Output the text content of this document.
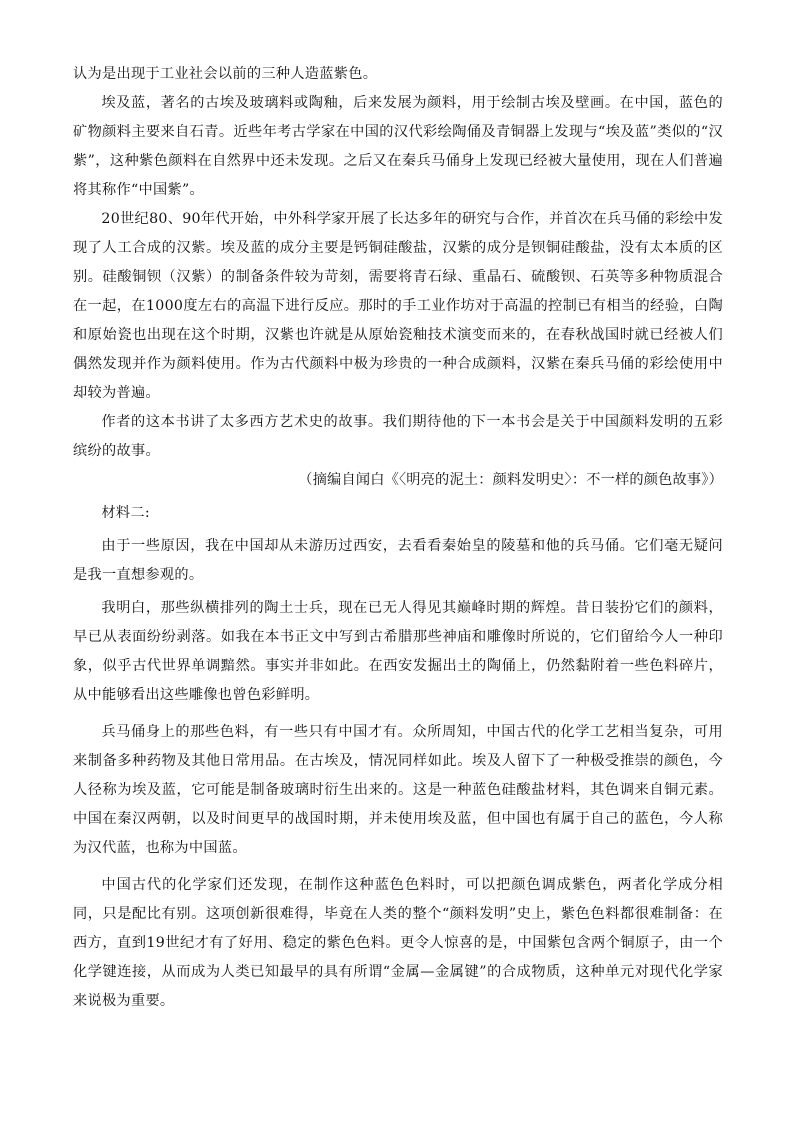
认为是出现于工业社会以前的三种人造蓝紫色。

埃及蓝，著名的古埃及玻璃料或陶釉，后来发展为颜料，用于绘制古埃及壁画。在中国，蓝色的矿物颜料主要来自石青。近些年考古学家在中国的汉代彩绘陶俑及青铜器上发现与“埃及蓝”类似的“汉紫”，这种紫色颜料在自然界中还未发现。之后又在秦兵马俑身上发现已经被大量使用，现在人们普遍将其称作“中国紫”。

20世纪80、90年代开始，中外科学家开展了长达多年的研究与合作，并首次在兵马俑的彩绘中发现了人工合成的汉紫。埃及蓝的成分主要是钙铜硅酸盐，汉紫的成分是钡铜硅酸盐，没有太本质的区别。硅酸铜钡（汉紫）的制备条件较为苛刻，需要将青石绿、重晶石、硫酸钡、石英等多种物质混合在一起，在1000度左右的高温下进行反应。那时的手工业作坊对于高温的控制已有相当的经验，白陶和原始瓷也出现在这个时期，汉紫也许就是从原始瓷釉技术演变而来的，在春秋战国时就已经被人们偶然发现并作为颜料使用。作为古代颜料中极为珍贵的一种合成颜料，汉紫在秦兵马俑的彩绘使用中却较为普遍。

作者的这本书讲了太多西方艺术史的故事。我们期待他的下一本书会是关于中国颜料发明的五彩缤纷的故事。

（摘编自闻白《〈明亮的泥土：颜料发明史〉：不一样的颜色故事》）

材料二:

由于一些原因，我在中国却从未游历过西安，去看看秦始皇的陵墓和他的兵马俑。它们毫无疑问是我一直想参观的。

我明白，那些纵横排列的陶土士兵，现在已无人得见其巅峰时期的辉煌。昔日装扮它们的颜料，早已从表面纷纷剥落。如我在本书正文中写到古希腊那些神庙和雕像时所说的，它们留给今人一种印象，似乎古代世界单调黯然。事实并非如此。在西安发掘出土的陶俑上，仍然黏附着一些色料碎片，从中能够看出这些雕像也曾色彩鲜明。

兵马俑身上的那些色料，有一些只有中国才有。众所周知，中国古代的化学工艺相当复杂，可用来制备多种药物及其他日常用品。在古埃及，情况同样如此。埃及人留下了一种极受推崇的颜色，今人径称为埃及蓝，它可能是制备玻璃时衍生出来的。这是一种蓝色硅酸盐材料，其色调来自铜元素。中国在秦汉两朝，以及时间更早的战国时期，并未使用埃及蓝，但中国也有属于自己的蓝色，今人称为汉代蓝，也称为中国蓝。

中国古代的化学家们还发现，在制作这种蓝色色料时，可以把颜色调成紫色，两者化学成分相同，只是配比有别。这项创新很难得，毕竟在人类的整个“颜料发明”史上，紫色色料都很难制备：在西方，直到19世纪才有了好用、稳定的紫色色料。更令人惊喜的是，中国紫包含两个铜原子，由一个化学键连接，从而成为人类已知最早的具有所谓“金属—金属键”的合成物质，这种单元对现代化学家来说极为重要。
